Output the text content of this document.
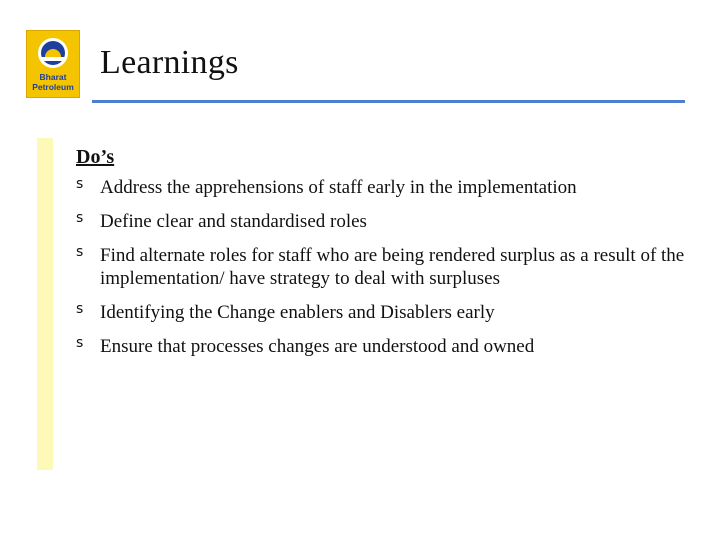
Bharat
Petroleum
Learnings
Do’s
s Address the apprehensions of staff early in the implementation
s Define clear and standardised roles
s Find alternate roles for staff who are being rendered surplus as a result of the implementation/ have strategy to deal with surpluses
s Identifying the Change enablers and Disablers early
s Ensure that processes changes are understood and owned
